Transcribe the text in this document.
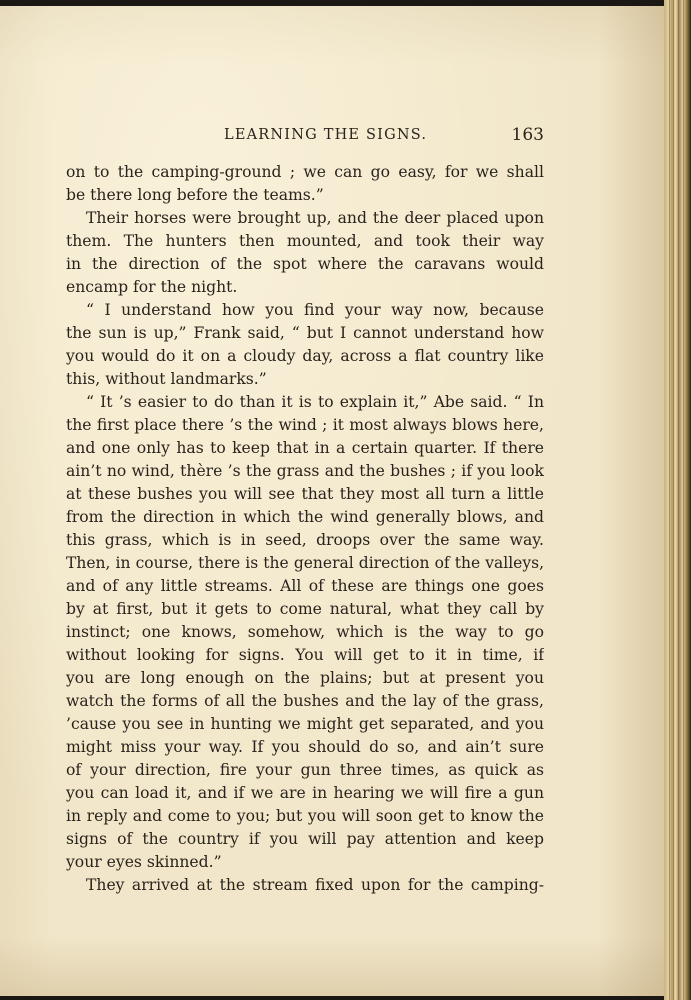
LEARNING THE SIGNS.	163
on to the camping-ground ; we can go easy, for we shall
be there long before the teams.”
Their horses were brought up, and the deer placed upon
them. The hunters then mounted, and took their way
in the direction of the spot where the caravans would
encamp for the night.
“ I understand how you find your way now, because
the sun is up,” Frank said, “ but I cannot understand how
you would do it on a cloudy day, across a flat country like
this, without landmarks.”
“ It ’s easier to do than it is to explain it,” Abe said. “ In
the first place there ’s the wind ; it most always blows here,
and one only has to keep that in a certain quarter. If there
ain’t no wind, thère ’s the grass and the bushes ; if you look
at these bushes you will see that they most all turn a little
from the direction in which the wind generally blows, and
this grass, which is in seed, droops over the same way.
Then, in course, there is the general direction of the valleys,
and of any little streams. All of these are things one goes
by at first, but it gets to come natural, what they call by
instinct; one knows, somehow, which is the way to go
without looking for signs. You will get to it in time, if
you are long enough on the plains; but at present you
watch the forms of all the bushes and the lay of the grass,
’cause you see in hunting we might get separated, and you
might miss your way. If you should do so, and ain’t sure
of your direction, fire your gun three times, as quick as
you can load it, and if we are in hearing we will fire a gun
in reply and come to you; but you will soon get to know the
signs of the country if you will pay attention and keep
your eyes skinned.”
They arrived at the stream fixed upon for the camping-
